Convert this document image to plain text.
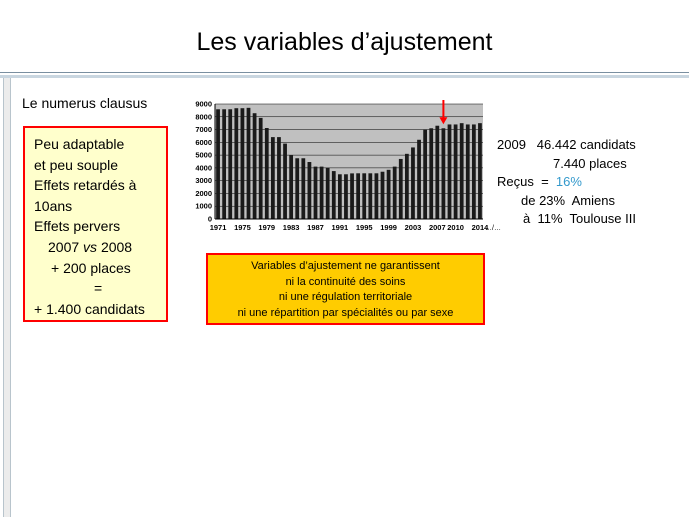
Les variables d’ajustement
Le numerus clausus
Peu adaptable
et peu souple
Effets retardés à
10ans
Effets pervers
2007 vs 2008
+ 200 places
=
+ 1.400 candidats
0
1000
2000
3000
4000
5000
6000
7000
8000
9000
1971 1975 1979 1983 1987 1991 1995 1999 2003 2007 2010 2014
…/…
2009 46.442 candidats
7.440 places
Reçus  = 16%
de 23%  Amiens
à  11%  Toulouse III
Variables d’ajustement ne garantissent
ni la continuité des soins
ni une régulation territoriale
ni une répartition par spécialités ou par sexe
